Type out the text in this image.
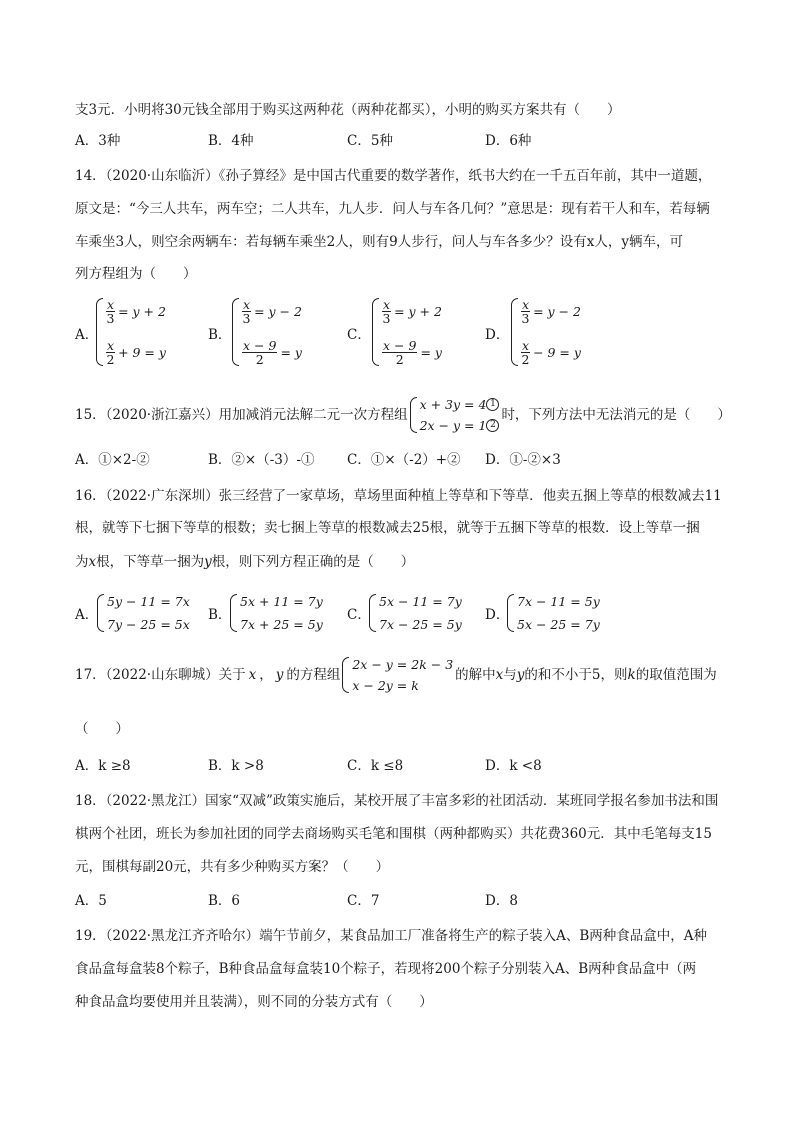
支3元．小明将30元钱全部用于购买这两种花（两种花都买），小明的购买方案共有（　　）
A．3种	B．4种	C．5种	D．6种
14．（2020·山东临沂）《孙子算经》是中国古代重要的数学著作，纸书大约在一千五百年前，其中一道题，
原文是：“今三人共车，两车空；二人共车，九人步．问人与车各几何？”意思是：现有若干人和车，若每辆
车乘坐3人，则空余两辆车：若每辆车乘坐2人，则有9人步行，问人与车各多少？设有x人，y辆车，可
列方程组为（　　）
A．
$\frac{x}{3} = y + 2$
$\frac{x}{2} + 9 = y$
B．
$\frac{x}{3} = y - 2$
$\frac{x - 9}{2} = y$
C．
$\frac{x}{3} = y + 2$
$\frac{x - 9}{2} = y$
D．
$\frac{x}{3} = y - 2$
$\frac{x}{2} - 9 = y$
15．（2020·浙江嘉兴）用加减消元法解二元一次方程组
x + 3y = 4 1
2x − y = 1 2
时，下列方法中无法消元的是（　　）
A．①×2-②	B．②×（-3）-① C．①×（-2）+② D．①-②×3
16．（2022·广东深圳）张三经营了一家草场，草场里面种植上等草和下等草．他卖五捆上等草的根数减去11
根，就等下七捆下等草的根数；卖七捆上等草的根数减去25根，就等于五捆下等草的根数．设上等草一捆
为x根，下等草一捆为y根，则下列方程正确的是（　　）
A．
5y − 11 = 7x
7y − 25 = 5x
B．
5x + 11 = 7y
7x + 25 = 5y
C．
5x − 11 = 7y
7x − 25 = 5y
D．
7x − 11 = 5y
5x − 25 = 7y
17．（2022·山东聊城）关于 x ， y 的方程组
2x − y = 2k − 3
x − 2y = k
的解中 x 与 y 的和不小于5，则 k 的取值范围为
（　　）
A．k ≥8	B．k >8	C．k ≤8	D．k <8
18．（2022·黑龙江）国家“双减”政策实施后，某校开展了丰富多彩的社团活动．某班同学报名参加书法和围
棋两个社团，班长为参加社团的同学去商场购买毛笔和围棋（两种都购买）共花费360元．其中毛笔每支15
元，围棋每副20元，共有多少种购买方案？（　　）
A．5	B．6	C．7	D．8
19．（2022·黑龙江齐齐哈尔）端午节前夕，某食品加工厂准备将生产的粽子装入A、B两种食品盒中，A种
食品盒每盒装8个粽子，B种食品盒每盒装10个粽子，若现将200个粽子分别装入A、B两种食品盒中（两
种食品盒均要使用并且装满），则不同的分装方式有（　　）
